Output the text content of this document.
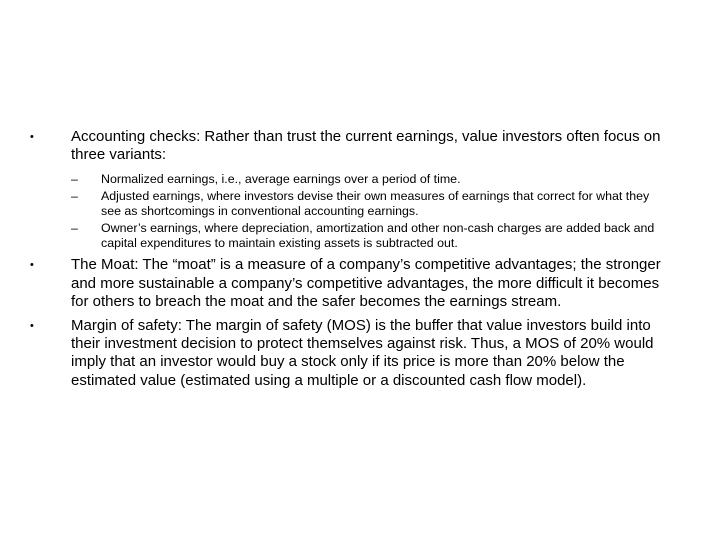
• Accounting checks: Rather than trust the current earnings, value investors often focus on three variants:
– Normalized earnings, i.e., average earnings over a period of time.
– Adjusted earnings, where investors devise their own measures of earnings that correct for what they see as shortcomings in conventional accounting earnings.
– Owner’s earnings, where depreciation, amortization and other non-cash charges are added back and capital expenditures to maintain existing assets is subtracted out.
• The Moat: The “moat” is a measure of a company’s competitive advantages; the stronger and more sustainable a company’s competitive advantages, the more difficult it becomes for others to breach the moat and the safer becomes the earnings stream.
• Margin of safety: The margin of safety (MOS) is the buffer that value investors build into their investment decision to protect themselves against risk. Thus, a MOS of 20% would imply that an investor would buy a stock only if its price is more than 20% below the estimated value (estimated using a multiple or a discounted cash flow model).
